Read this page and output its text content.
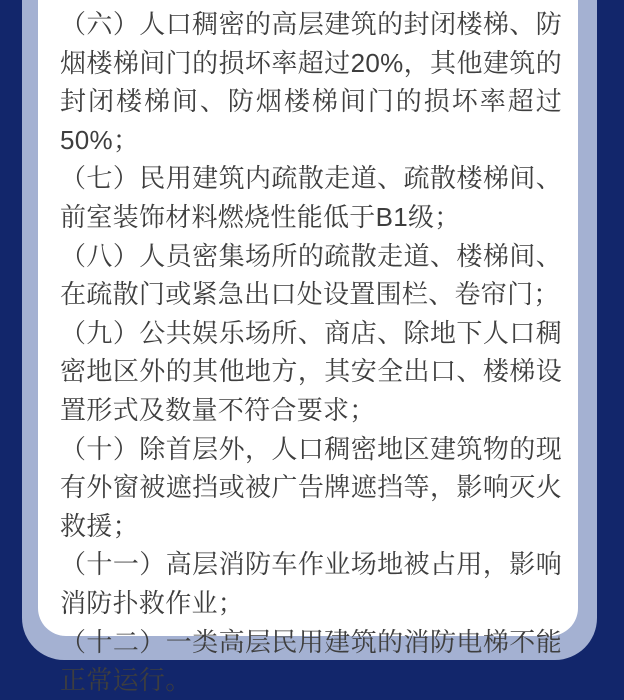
（六）人口稠密的高层建筑的封闭楼梯、防烟楼梯间门的损坏率超过20%，其他建筑的封闭楼梯间、防烟楼梯间门的损坏率超过50%；

（七）民用建筑内疏散走道、疏散楼梯间、前室装饰材料燃烧性能低于B1级；

（八）人员密集场所的疏散走道、楼梯间、在疏散门或紧急出口处设置围栏、卷帘门；

（九）公共娱乐场所、商店、除地下人口稠密地区外的其他地方，其安全出口、楼梯设置形式及数量不符合要求；

（十）除首层外，人口稠密地区建筑物的现有外窗被遮挡或被广告牌遮挡等，影响灭火救援；

（十一）高层消防车作业场地被占用，影响消防扑救作业；

（十二）一类高层民用建筑的消防电梯不能正常运行。
